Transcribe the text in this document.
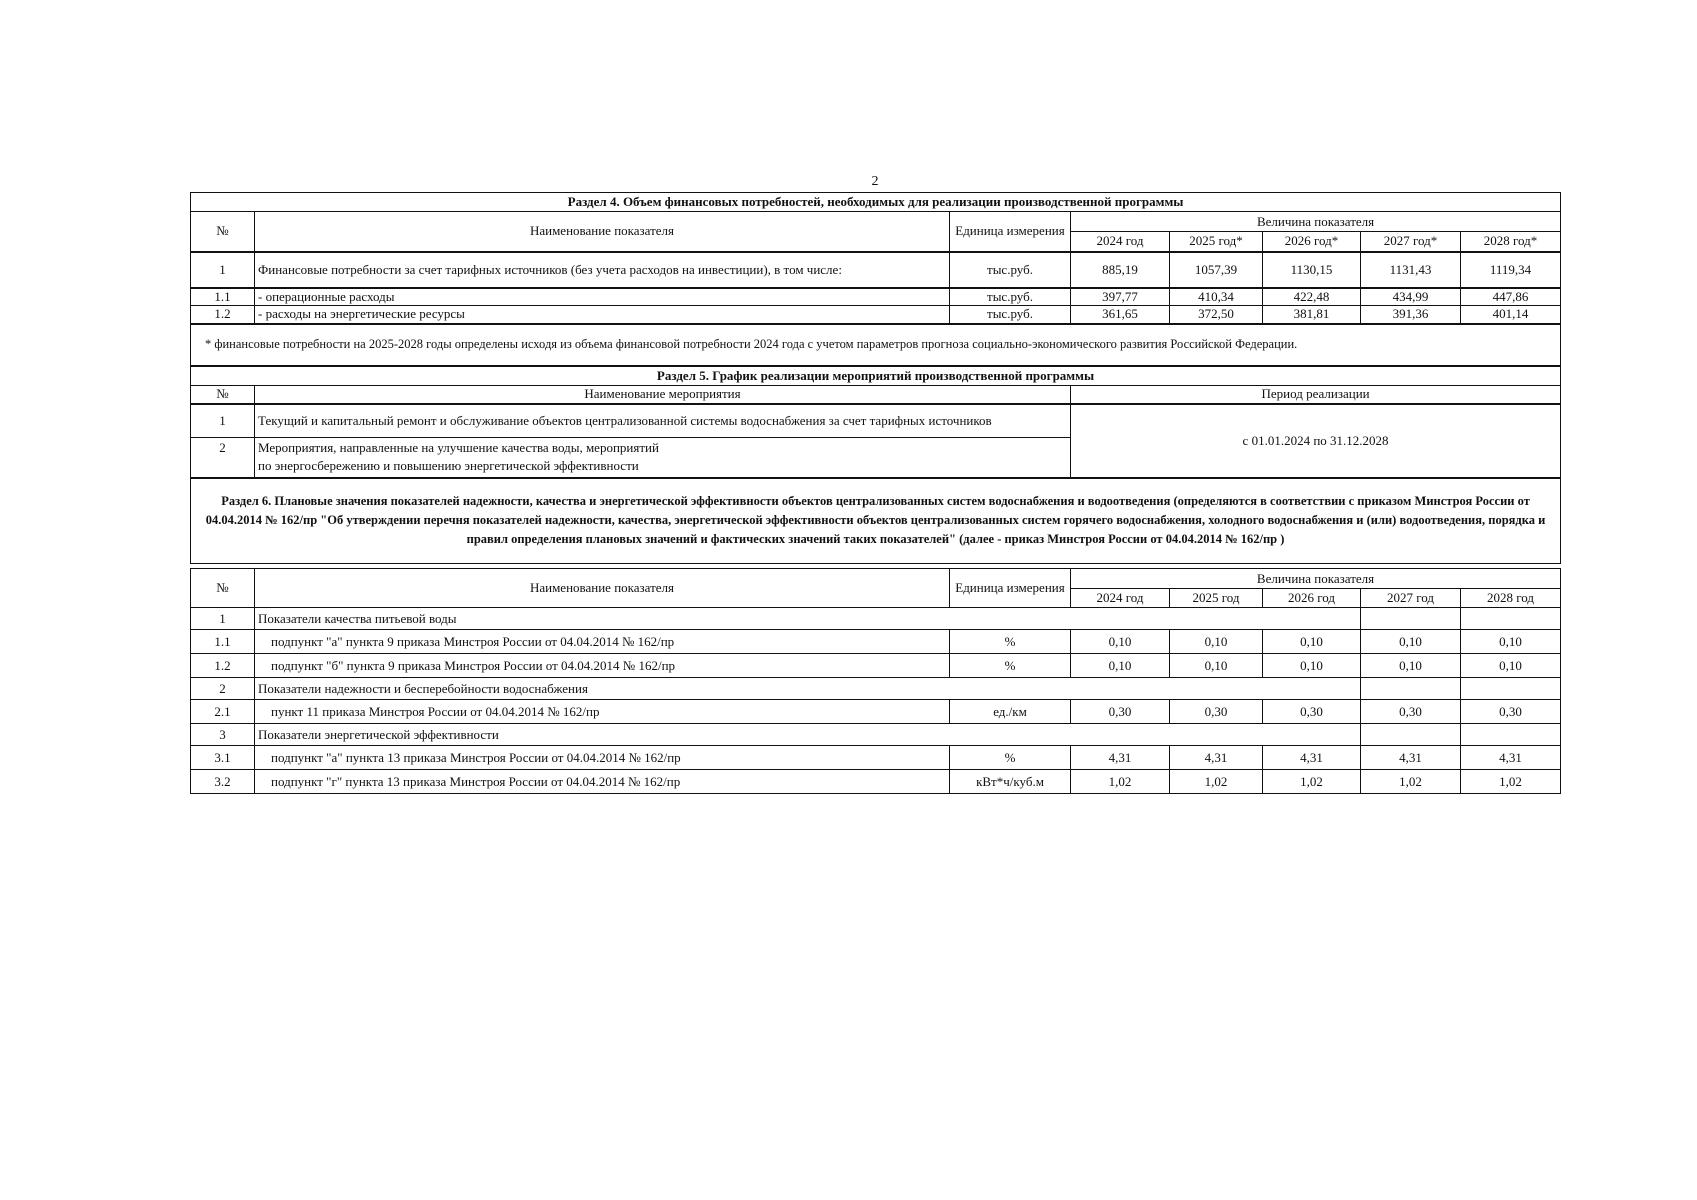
2
Раздел 4. Объем финансовых потребностей, необходимых для реализации производственной программы							
№	Наименование показателя	Единица измерения	Величина показателя				
			2024 год	2025 год*	2026 год*	2027 год*	2028 год*
1	Финансовые потребности за счет тарифных источников (без учета расходов на инвестиции), в том числе:	тыс.руб.	885,19	1057,39	1130,15	1131,43	1119,34
1.1	- операционные расходы	тыс.руб.	397,77	410,34	422,48	434,99	447,86
1.2	- расходы на энергетические ресурсы	тыс.руб.	361,65	372,50	381,81	391,36	401,14
* финансовые потребности на 2025-2028 годы определены исходя из объема финансовой потребности 2024 года с учетом параметров прогноза социально-экономического развития Российской Федерации.							
Раздел 5. График реализации мероприятий производственной программы							
№	Наименование мероприятия		Период реализации				
1	Текущий и капитальный ремонт и обслуживание объектов централизованной системы водоснабжения за счет тарифных источников		с 01.01.2024 по 31.12.2028				
2	Мероприятия, направленные на улучшение качества воды, мероприятий
по энергосбережению и повышению энергетической эффективности						

Раздел 6. Плановые значения показателей надежности, качества и энергетической эффективности объектов централизованных систем водоснабжения и водоотведения (определяются в соответствии с приказом Минстроя России от 04.04.2014 № 162/пр "Об утверждении перечня показателей надежности, качества, энергетической эффективности объектов централизованных систем горячего водоснабжения, холодного водоснабжения и (или) водоотведения, порядка и правил определения плановых значений и фактических значений таких показателей" (далее - приказ Минстроя России от 04.04.2014 № 162/пр )							
№	Наименование показателя	Единица измерения	Величина показателя				
			2024 год	2025 год	2026 год	2027 год	2028 год
1	Показатели качества питьевой воды						
1.1	подпункт "а" пункта 9 приказа Минстроя России от 04.04.2014 № 162/пр	%	0,10	0,10	0,10	0,10	0,10
1.2	подпункт "б" пункта 9 приказа Минстроя России от 04.04.2014 № 162/пр	%	0,10	0,10	0,10	0,10	0,10
2	Показатели надежности и бесперебойности водоснабжения						
2.1	пункт 11 приказа Минстроя России от 04.04.2014 № 162/пр	ед./км	0,30	0,30	0,30	0,30	0,30
3	Показатели энергетической эффективности						
3.1	подпункт "а" пункта 13 приказа Минстроя России от 04.04.2014 № 162/пр	%	4,31	4,31	4,31	4,31	4,31
3.2	подпункт "г" пункта 13 приказа Минстроя России от 04.04.2014 № 162/пр	кВт*ч/куб.м	1,02	1,02	1,02	1,02	1,02
